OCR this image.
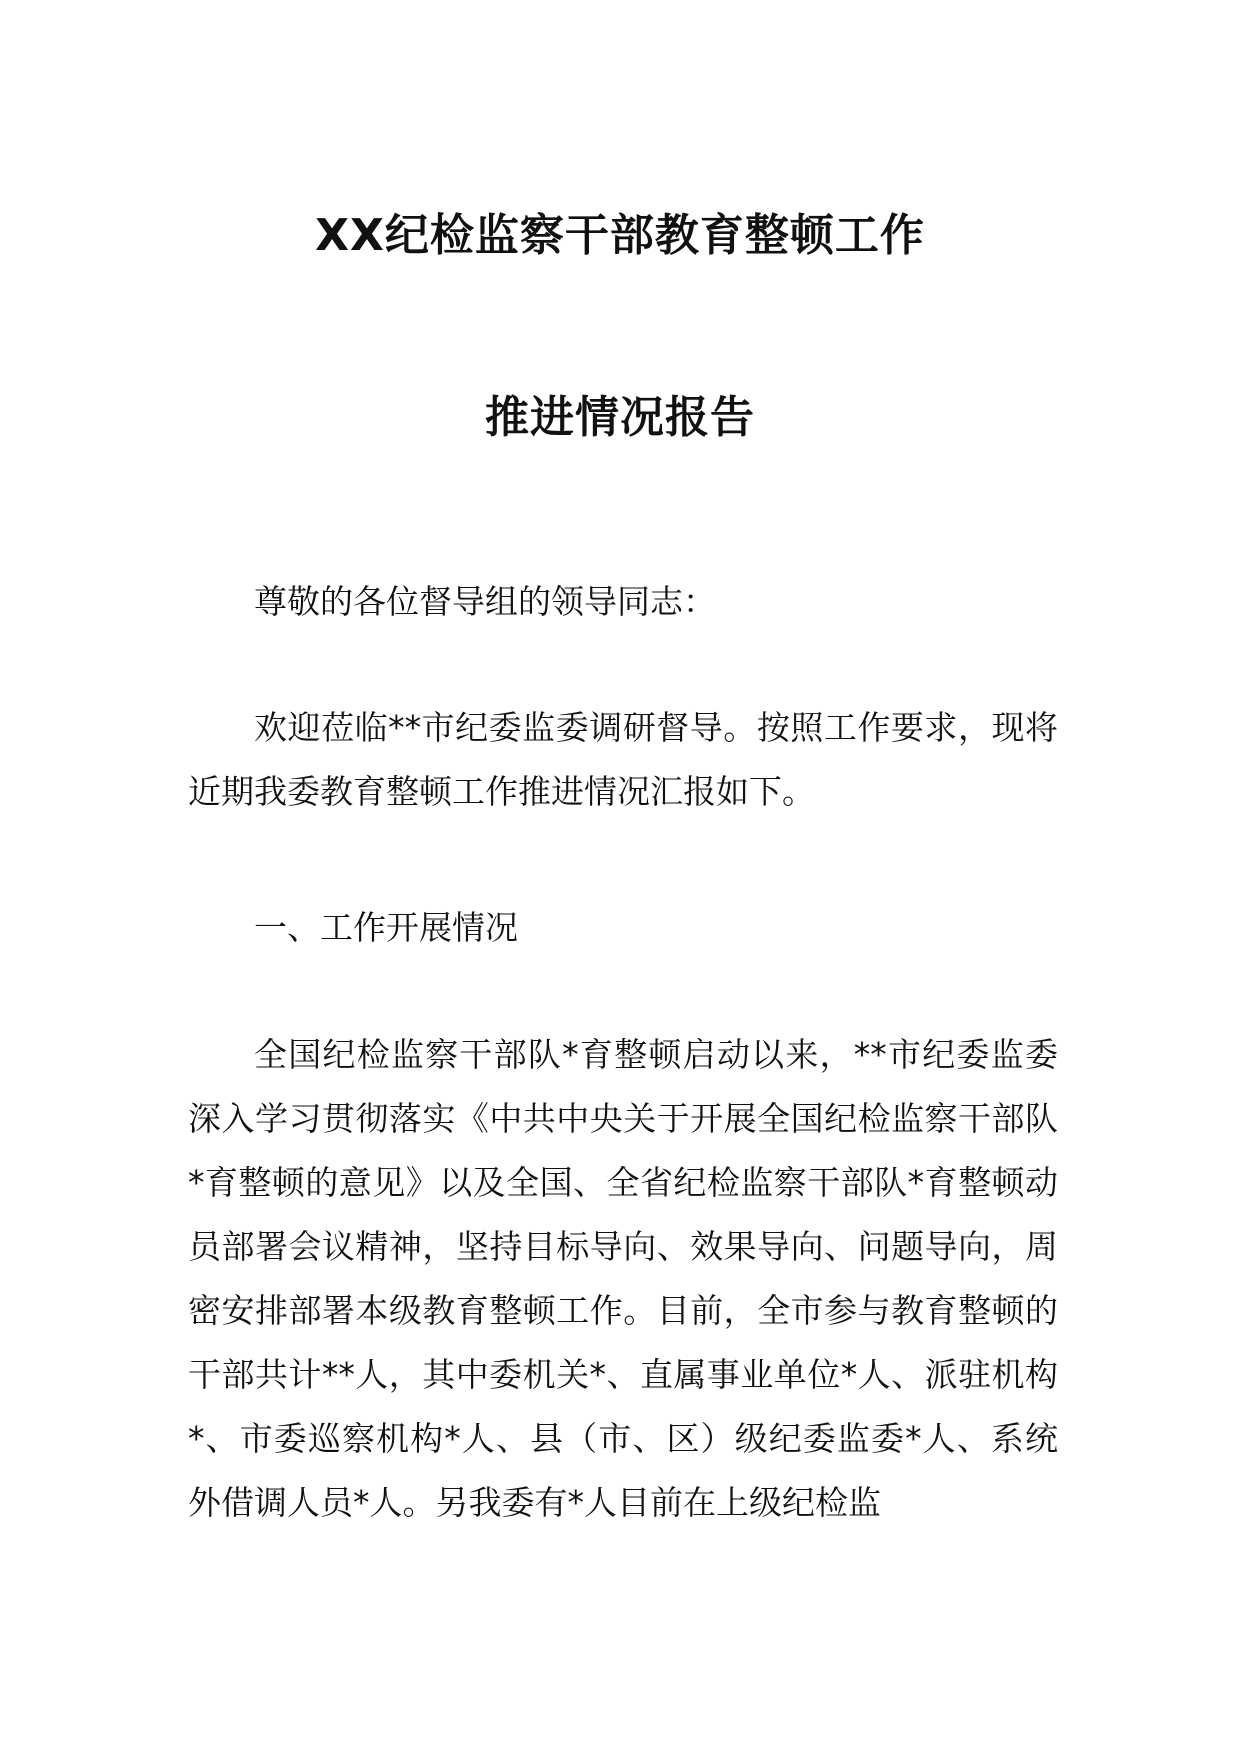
XX纪检监察干部教育整顿工作
推进情况报告
尊敬的各位督导组的领导同志：
欢迎莅临**市纪委监委调研督导。按照工作要求，现将近期我委教育整顿工作推进情况汇报如下。
一、工作开展情况
全国纪检监察干部队*育整顿启动以来，**市纪委监委深入学习贯彻落实《中共中央关于开展全国纪检监察干部队*育整顿的意见》以及全国、全省纪检监察干部队*育整顿动员部署会议精神，坚持目标导向、效果导向、问题导向，周密安排部署本级教育整顿工作。目前，全市参与教育整顿的干部共计**人，其中委机关*、直属事业单位*人、派驻机构*、市委巡察机构*人、县（市、区）级纪委监委*人、系统外借调人员*人。另我委有*人目前在上级纪检监
